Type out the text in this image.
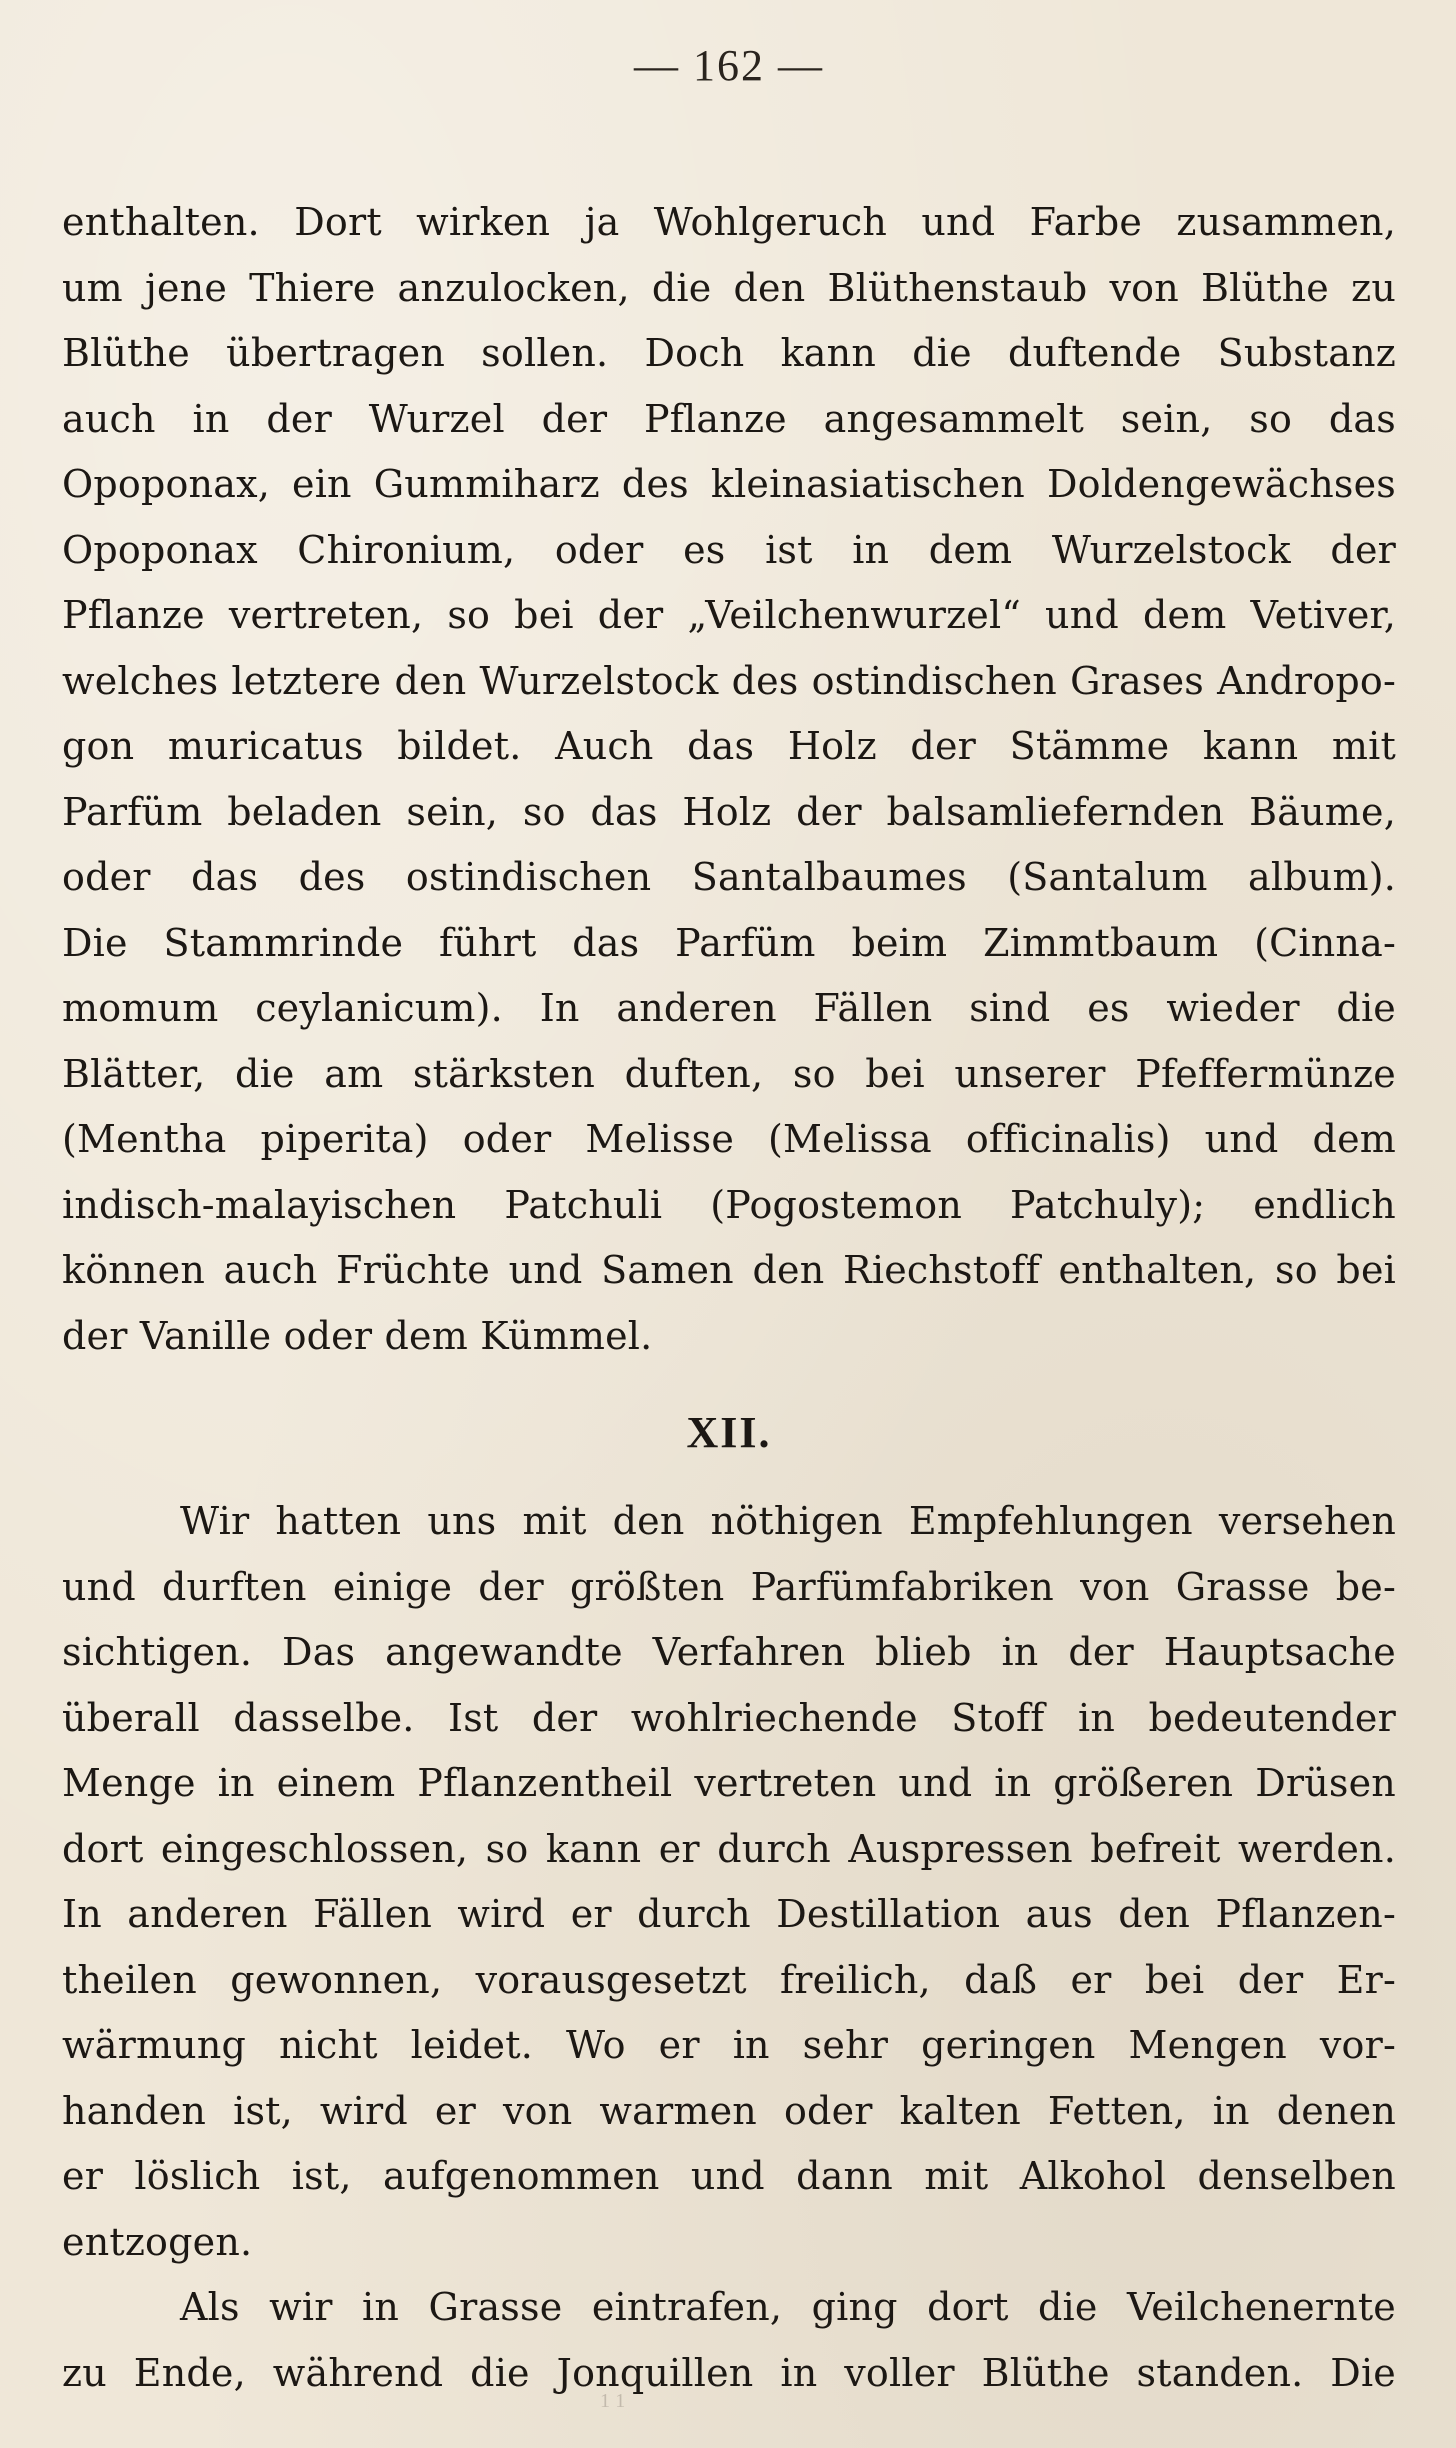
— 162 —
enthalten. Dort wirken ja Wohlgeruch und Farbe zusammen,
um jene Thiere anzulocken, die den Blüthenstaub von Blüthe zu
Blüthe übertragen sollen. Doch kann die duftende Substanz
auch in der Wurzel der Pflanze angesammelt sein, so das
Opoponax, ein Gummiharz des kleinasiatischen Doldengewächses
Opoponax Chironium, oder es ist in dem Wurzelstock der
Pflanze vertreten, so bei der „Veilchenwurzel“ und dem Vetiver,
welches letztere den Wurzelstock des ostindischen Grases Andropo-
gon muricatus bildet. Auch das Holz der Stämme kann mit
Parfüm beladen sein, so das Holz der balsamliefernden Bäume,
oder das des ostindischen Santalbaumes (Santalum album).
Die Stammrinde führt das Parfüm beim Zimmtbaum (Cinna-
momum ceylanicum). In anderen Fällen sind es wieder die
Blätter, die am stärksten duften, so bei unserer Pfeffermünze
(Mentha piperita) oder Melisse (Melissa officinalis) und dem
indisch-malayischen Patchuli (Pogostemon Patchuly); endlich
können auch Früchte und Samen den Riechstoff enthalten, so bei
der Vanille oder dem Kümmel.
XII.
Wir hatten uns mit den nöthigen Empfehlungen versehen
und durften einige der größten Parfümfabriken von Grasse be-
sichtigen. Das angewandte Verfahren blieb in der Hauptsache
überall dasselbe. Ist der wohlriechende Stoff in bedeutender
Menge in einem Pflanzentheil vertreten und in größeren Drüsen
dort eingeschlossen, so kann er durch Auspressen befreit werden.
In anderen Fällen wird er durch Destillation aus den Pflanzen-
theilen gewonnen, vorausgesetzt freilich, daß er bei der Er-
wärmung nicht leidet. Wo er in sehr geringen Mengen vor-
handen ist, wird er von warmen oder kalten Fetten, in denen
er löslich ist, aufgenommen und dann mit Alkohol denselben
entzogen.
Als wir in Grasse eintrafen, ging dort die Veilchenernte
zu Ende, während die Jonquillen in voller Blüthe standen. Die
11
